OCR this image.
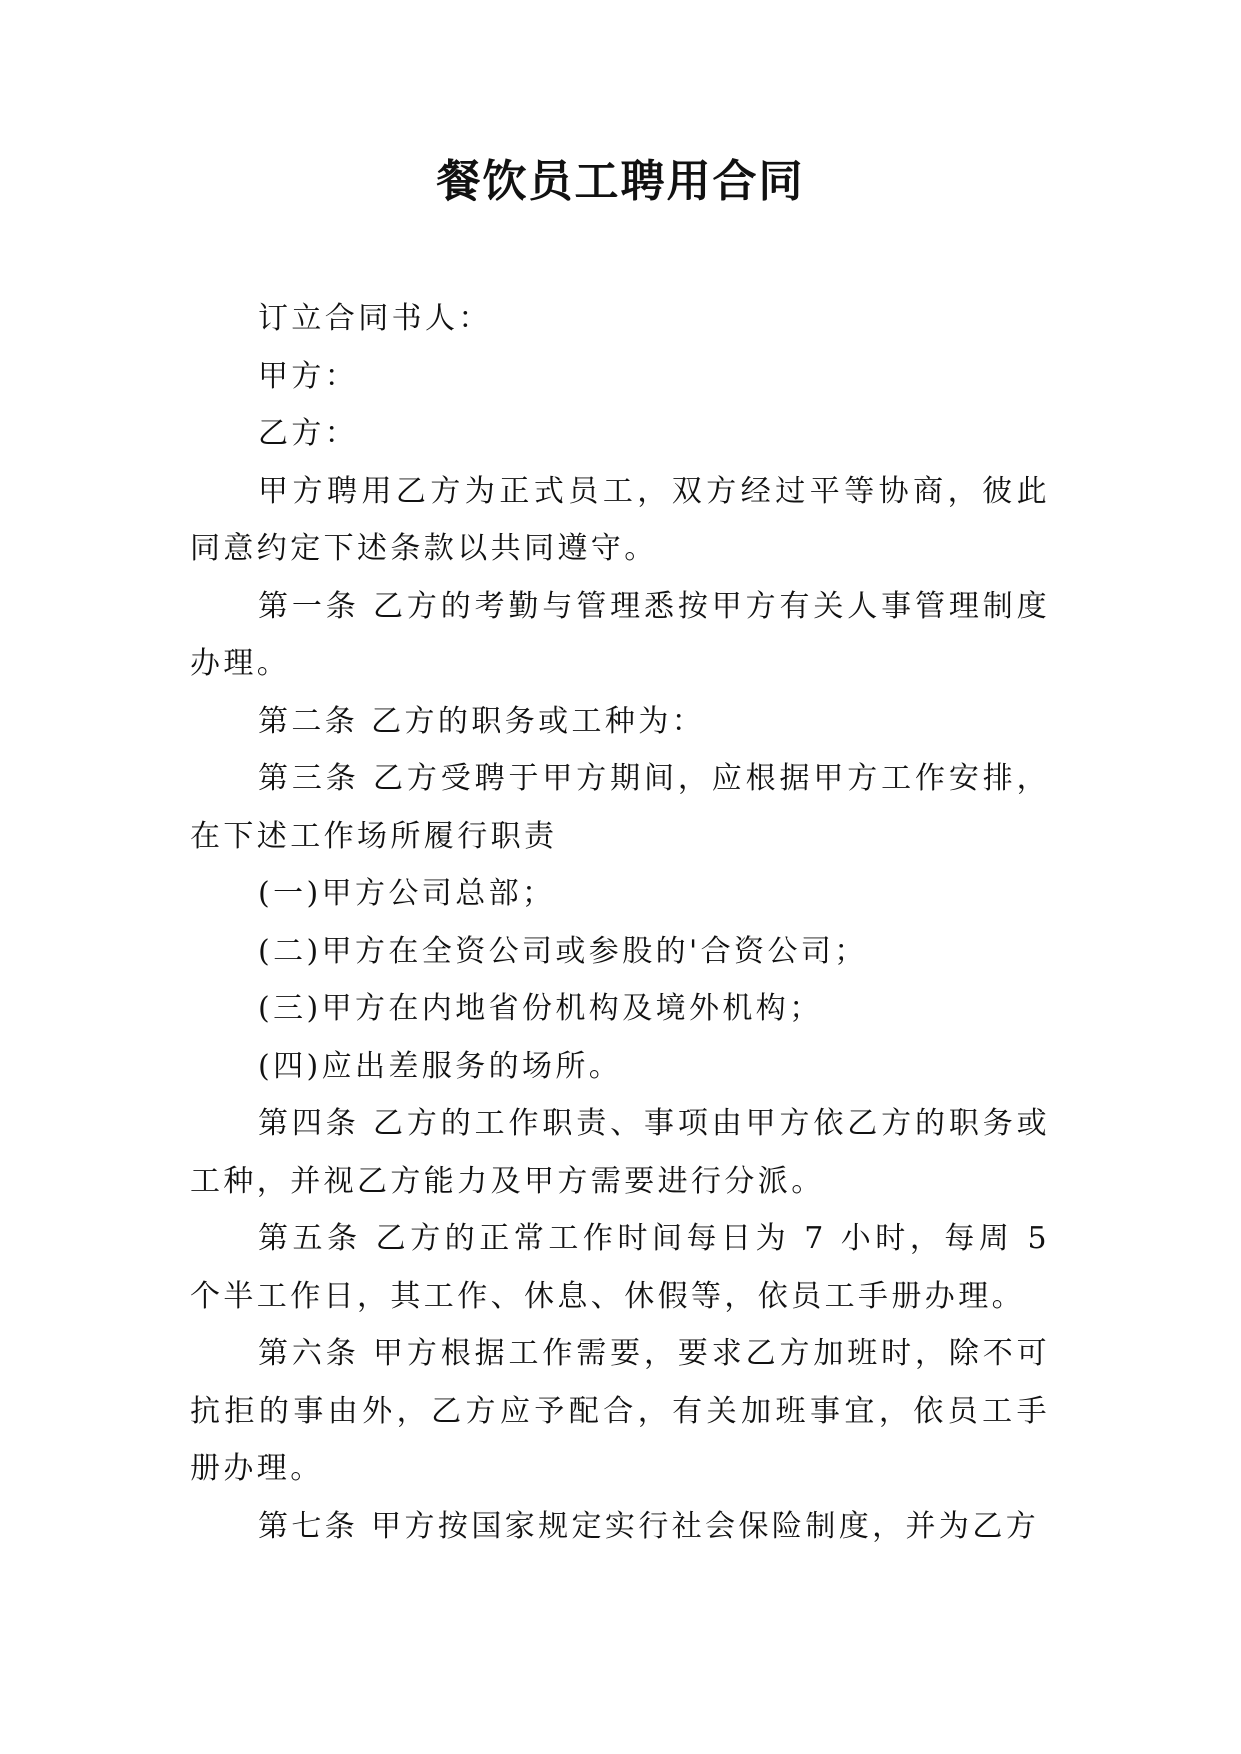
餐饮员工聘用合同

订立合同书人：

甲方：

乙方：

甲方聘用乙方为正式员工，双方经过平等协商，彼此同意约定下述条款以共同遵守。

第一条 乙方的考勤与管理悉按甲方有关人事管理制度办理。

第二条 乙方的职务或工种为：

第三条 乙方受聘于甲方期间，应根据甲方工作安排，在下述工作场所履行职责

(一)甲方公司总部；

(二)甲方在全资公司或参股的'合资公司；

(三)甲方在内地省份机构及境外机构；

(四)应出差服务的场所。

第四条 乙方的工作职责、事项由甲方依乙方的职务或工种，并视乙方能力及甲方需要进行分派。

第五条 乙方的正常工作时间每日为 7 小时，每周 5 个半工作日，其工作、休息、休假等，依员工手册办理。

第六条 甲方根据工作需要，要求乙方加班时，除不可抗拒的事由外，乙方应予配合，有关加班事宜，依员工手册办理。

第七条 甲方按国家规定实行社会保险制度，并为乙方
